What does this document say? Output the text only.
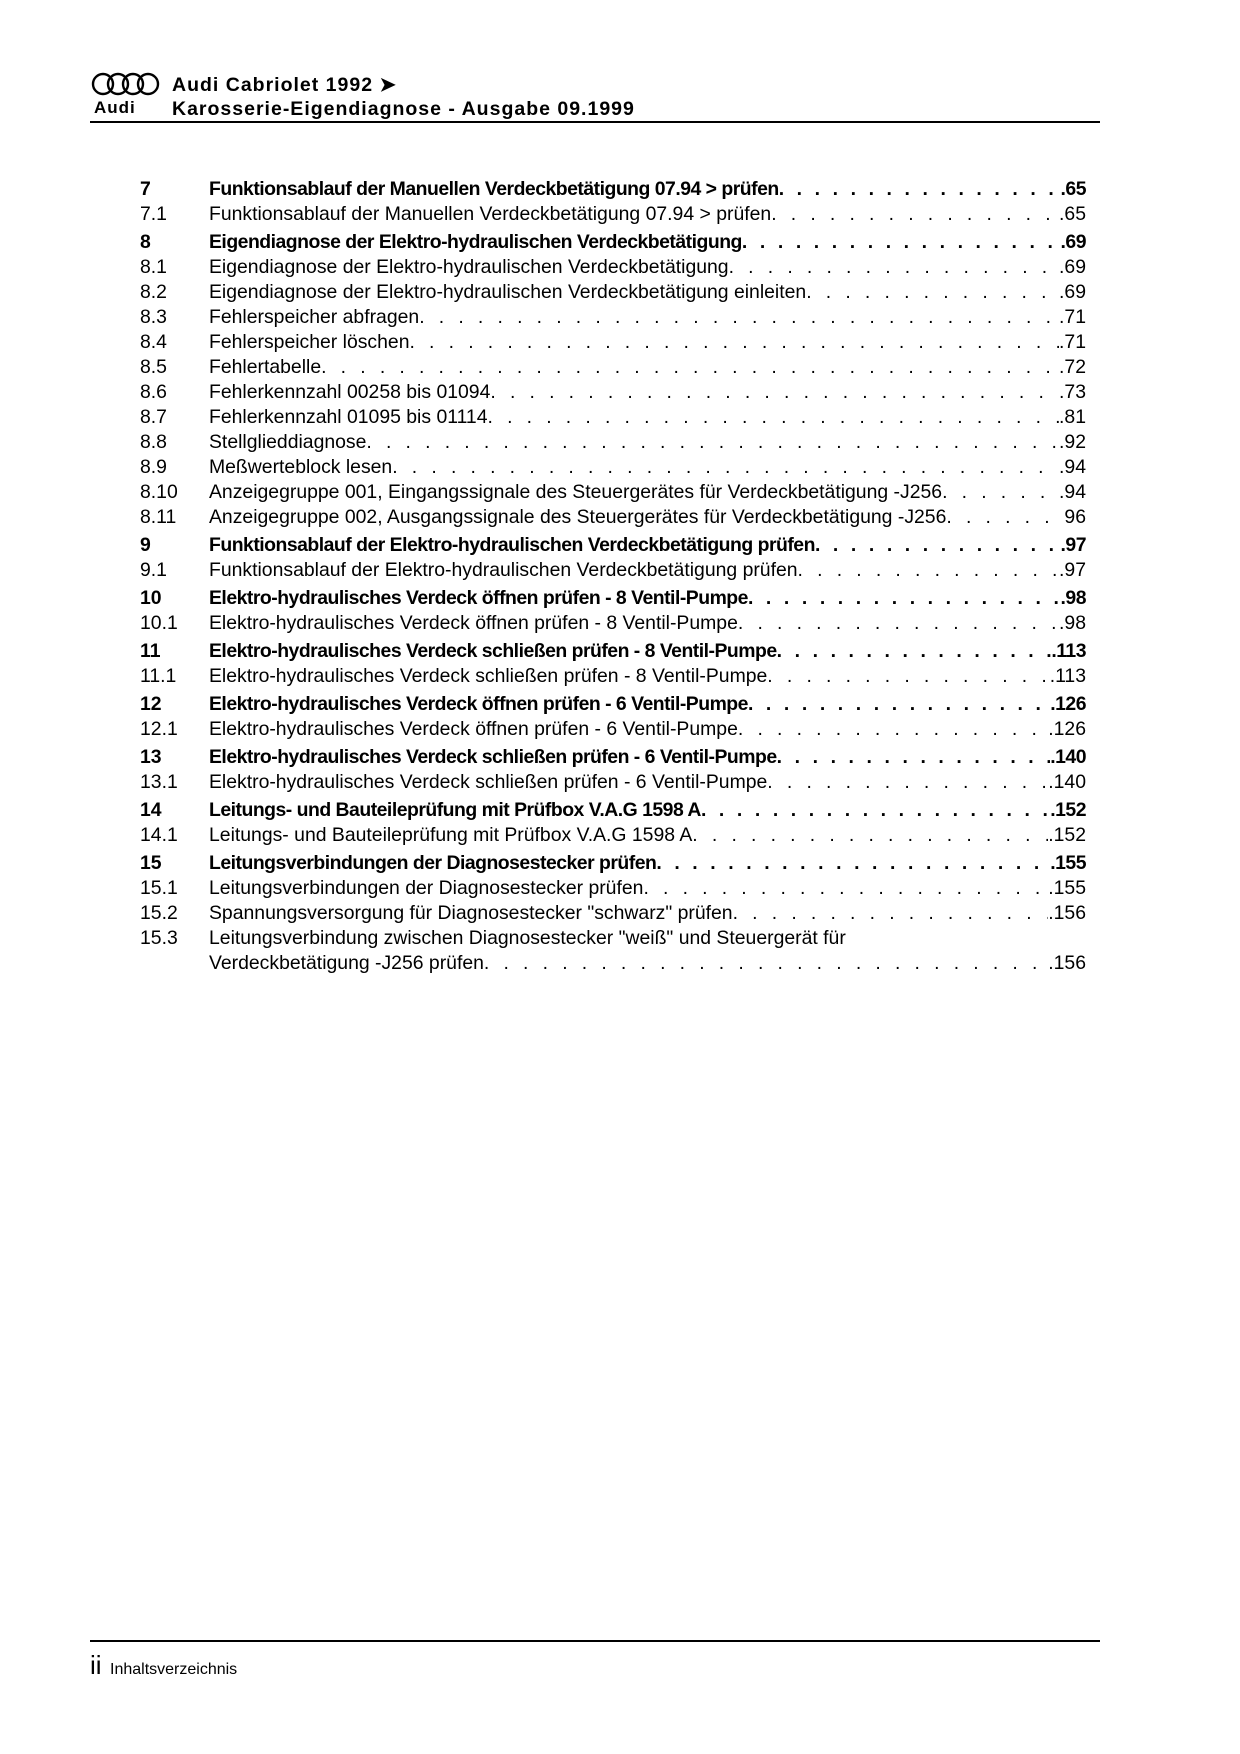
Audi
Audi Cabriolet 1992 ➤
Karosserie-Eigendiagnose - Ausgabe 09.1999
7	Funktionsablauf der Manuellen Verdeckbetätigung 07.94 > prüfen . . .	.65
7.1	Funktionsablauf der Manuellen Verdeckbetätigung 07.94 > prüfen . . .	.65
8	Eigendiagnose der Elektro-hydraulischen Verdeckbetätigung . . .	.69
8.1	Eigendiagnose der Elektro-hydraulischen Verdeckbetätigung . . .	.69
8.2	Eigendiagnose der Elektro-hydraulischen Verdeckbetätigung einleiten . . .	.69
8.3	Fehlerspeicher abfragen . . .	.71
8.4	Fehlerspeicher löschen . . .	.71
8.5	Fehlertabelle . . .	.72
8.6	Fehlerkennzahl 00258 bis 01094 . . .	.73
8.7	Fehlerkennzahl 01095 bis 01114 . . .	.81
8.8	Stellglieddiagnose . . .	.92
8.9	Meßwerteblock lesen . . .	.94
8.10	Anzeigegruppe 001, Eingangssignale des Steuergerätes für Verdeckbetätigung -J256 . . .	.94
8.11	Anzeigegruppe 002, Ausgangssignale des Steuergerätes für Verdeckbetätigung -J256 . . .	96
9	Funktionsablauf der Elektro-hydraulischen Verdeckbetätigung prüfen . . .	.97
9.1	Funktionsablauf der Elektro-hydraulischen Verdeckbetätigung prüfen . . .	.97
10	Elektro-hydraulisches Verdeck öffnen prüfen - 8 Ventil-Pumpe . . .	.98
10.1	Elektro-hydraulisches Verdeck öffnen prüfen - 8 Ventil-Pumpe . . .	.98
11	Elektro-hydraulisches Verdeck schließen prüfen - 8 Ventil-Pumpe . . .	.113
11.1	Elektro-hydraulisches Verdeck schließen prüfen - 8 Ventil-Pumpe . . .	.113
12	Elektro-hydraulisches Verdeck öffnen prüfen - 6 Ventil-Pumpe . . .	.126
12.1	Elektro-hydraulisches Verdeck öffnen prüfen - 6 Ventil-Pumpe . . .	.126
13	Elektro-hydraulisches Verdeck schließen prüfen - 6 Ventil-Pumpe . . .	.140
13.1	Elektro-hydraulisches Verdeck schließen prüfen - 6 Ventil-Pumpe . . .	.140
14	Leitungs- und Bauteileprüfung mit Prüfbox V.A.G 1598 A . . .	.152
14.1	Leitungs- und Bauteileprüfung mit Prüfbox V.A.G 1598 A . . .	.152
15	Leitungsverbindungen der Diagnosestecker prüfen . . .	.155
15.1	Leitungsverbindungen der Diagnosestecker prüfen . . .	.155
15.2	Spannungsversorgung für Diagnosestecker "schwarz" prüfen . . .	.156
15.3	Leitungsverbindung zwischen Diagnosestecker "weiß" und Steuergerät für
Verdeckbetätigung -J256 prüfen . . .	.156
ii Inhaltsverzeichnis
